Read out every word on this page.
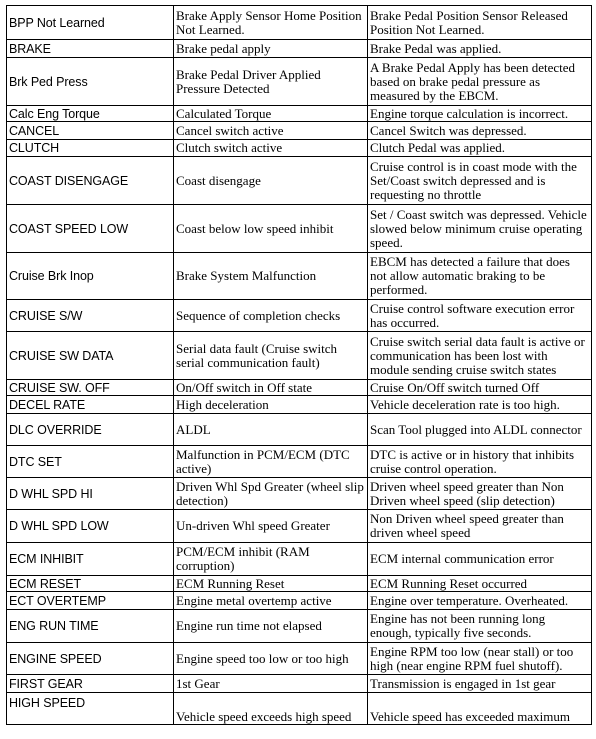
BPP Not Learned	Brake Apply Sensor Home Position Not Learned.	Brake Pedal Position Sensor Released Position Not Learned.
BRAKE	Brake pedal apply	Brake Pedal was applied.
Brk Ped Press	Brake Pedal Driver Applied Pressure Detected	A Brake Pedal Apply has been detected based on brake pedal pressure as measured by the EBCM.
Calc Eng Torque	Calculated Torque	Engine torque calculation is incorrect.
CANCEL	Cancel switch active	Cancel Switch was depressed.
CLUTCH	Clutch switch active	Clutch Pedal was applied.
COAST DISENGAGE	Coast disengage	Cruise control is in coast mode with the Set/Coast switch depressed and is requesting no throttle
COAST SPEED LOW	Coast below low speed inhibit	Set / Coast switch was depressed. Vehicle slowed below minimum cruise operating speed.
Cruise Brk Inop	Brake System Malfunction	EBCM has detected a failure that does not allow automatic braking to be performed.
CRUISE S/W	Sequence of completion checks	Cruise control software execution error has occurred.
CRUISE SW DATA	Serial data fault (Cruise switch serial communication fault)	Cruise switch serial data fault is active or communication has been lost with module sending cruise switch states
CRUISE SW. OFF	On/Off switch in Off state	Cruise On/Off switch turned Off
DECEL RATE	High deceleration	Vehicle deceleration rate is too high.
DLC OVERRIDE	ALDL	Scan Tool plugged into ALDL connector
DTC SET	Malfunction in PCM/ECM (DTC active)	DTC is active or in history that inhibits cruise control operation.
D WHL SPD HI	Driven Whl Spd Greater (wheel slip detection)	Driven wheel speed greater than Non Driven wheel speed (slip detection)
D WHL SPD LOW	Un-driven Whl speed Greater	Non Driven wheel speed greater than driven wheel speed
ECM INHIBIT	PCM/ECM inhibit (RAM corruption)	ECM internal communication error
ECM RESET	ECM Running Reset	ECM Running Reset occurred
ECT OVERTEMP	Engine metal overtemp active	Engine over temperature. Overheated.
ENG RUN TIME	Engine run time not elapsed	Engine has not been running long enough, typically five seconds.
ENGINE SPEED	Engine speed too low or too high	Engine RPM too low (near stall) or too high (near engine RPM fuel shutoff).
FIRST GEAR	1st Gear	Transmission is engaged in 1st gear
HIGH SPEED	Vehicle speed exceeds high speed	Vehicle speed has exceeded maximum
